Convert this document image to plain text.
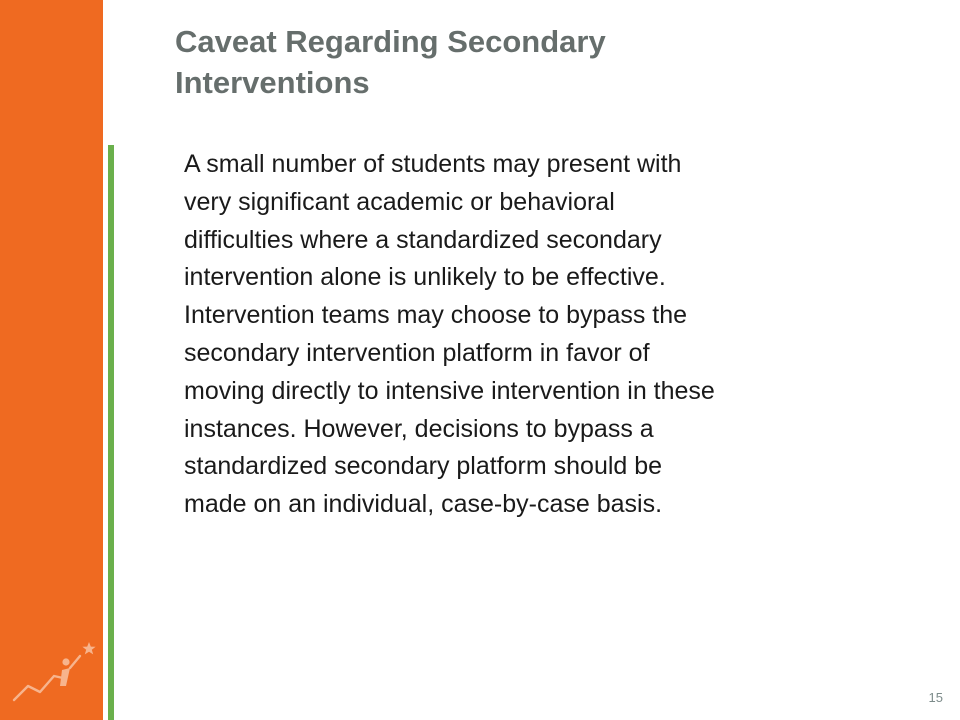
Caveat Regarding Secondary
Interventions
A small number of students may present with
very significant academic or behavioral
difficulties where a standardized secondary
intervention alone is unlikely to be effective.
Intervention teams may choose to bypass the
secondary intervention platform in favor of
moving directly to intensive intervention in these
instances. However, decisions to bypass a
standardized secondary platform should be
made on an individual, case-by-case basis.
15
